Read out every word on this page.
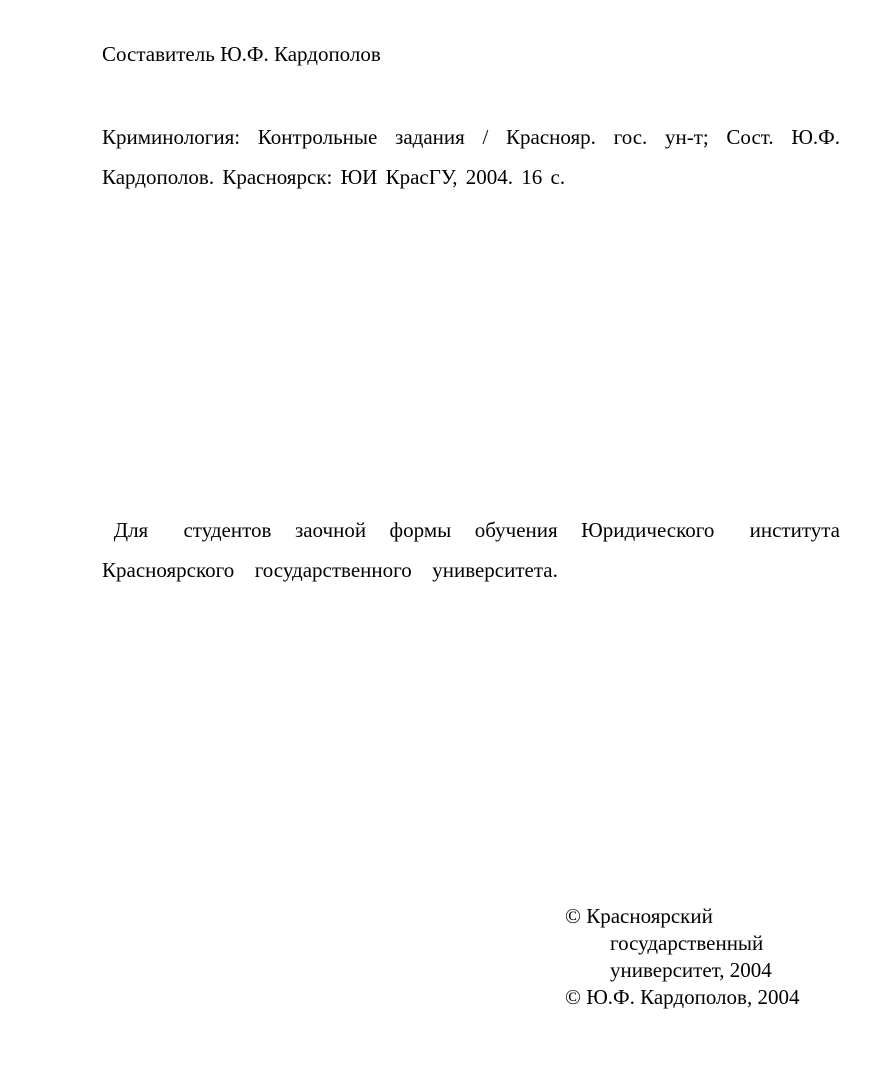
Составитель Ю.Ф. Кардополов
Криминология: Контрольные задания / Краснояр. гос. ун-т; Сост. Ю.Ф.
Кардополов. Красноярск: ЮИ КрасГУ, 2004. 16 с.
Для   студентов  заочной  формы  обучения  Юридического   института
Красноярского  государственного  университета.
© Красноярский
государственный
университет, 2004
© Ю.Ф. Кардополов, 2004
